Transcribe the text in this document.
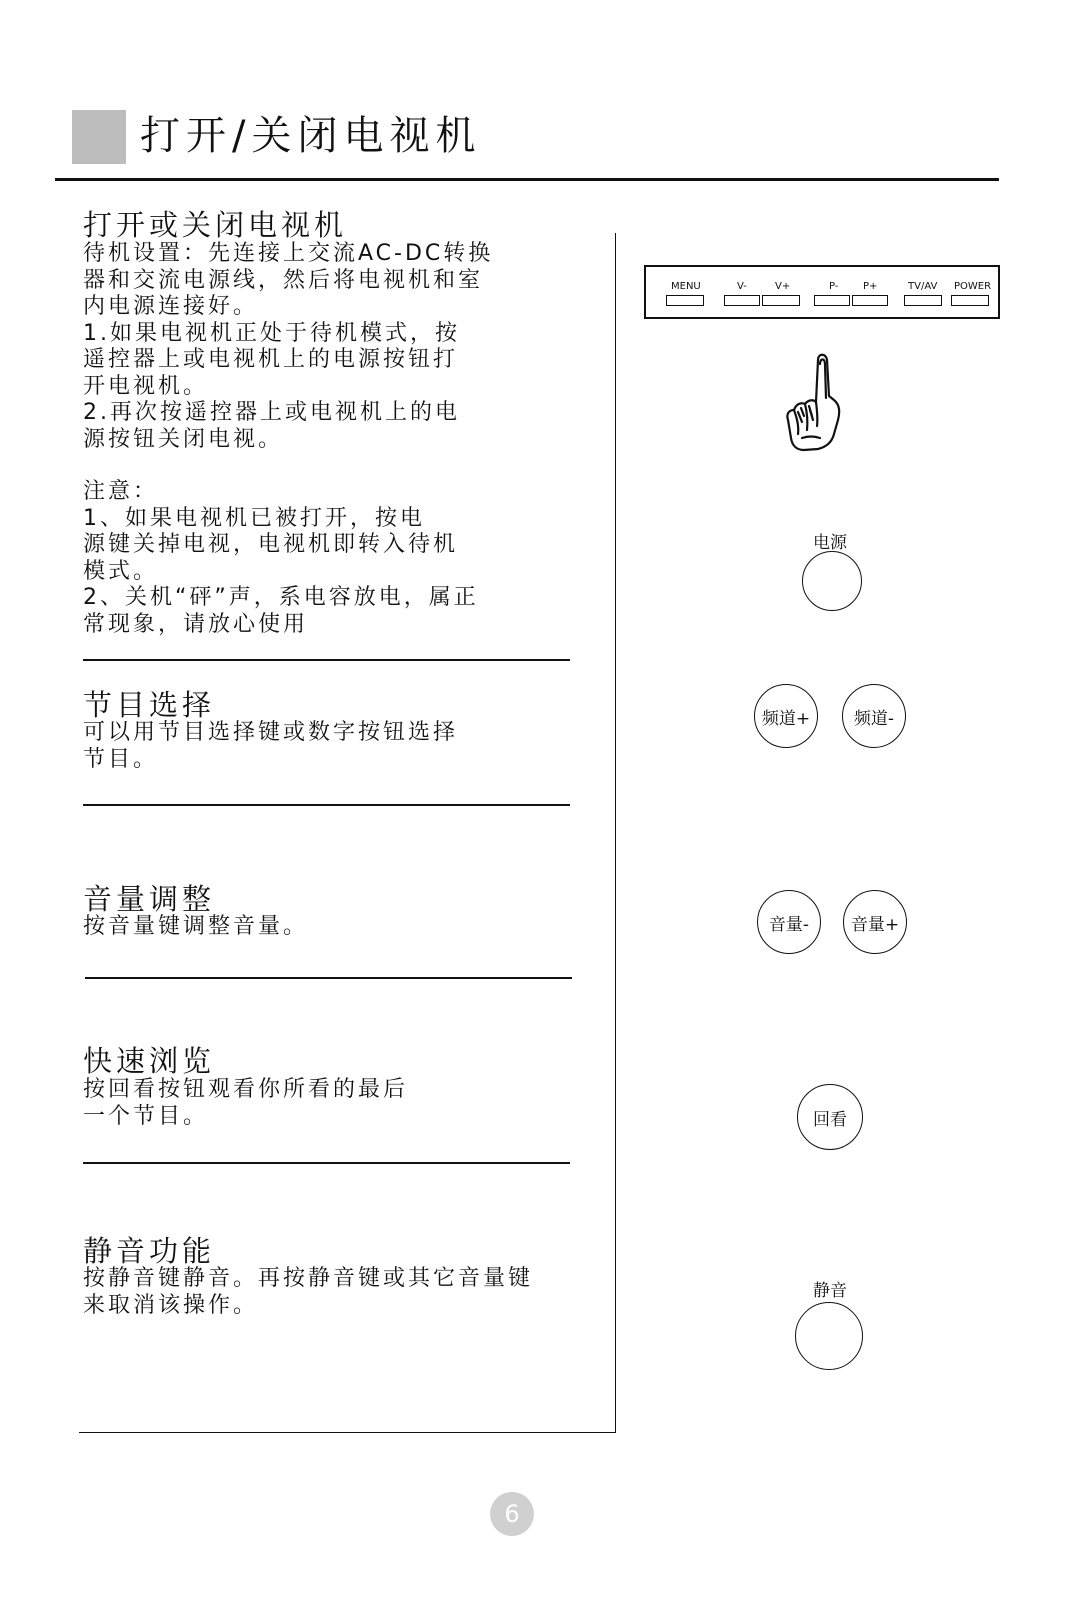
打开/关闭电视机
打开或关闭电视机
待机设置：先连接上交流AC-DC转换
器和交流电源线，然后将电视机和室
内电源连接好。
1.如果电视机正处于待机模式，按
遥控器上或电视机上的电源按钮打
开电视机。
2.再次按遥控器上或电视机上的电
源按钮关闭电视。
注意：
1、如果电视机已被打开，按电
源键关掉电视，电视机即转入待机
模式。
2、关机“砰”声，系电容放电，属正
常现象，请放心使用
节目选择
可以用节目选择键或数字按钮选择
节目。
音量调整
按音量键调整音量。
快速浏览
按回看按钮观看你所看的最后
一个节目。
静音功能
按静音键静音。再按静音键或其它音量键
来取消该操作。
MENU	V-	V+	P- P+	TV/AV POWER
电源
频道+	频道-
音量-	音量+
回看
静音
6
